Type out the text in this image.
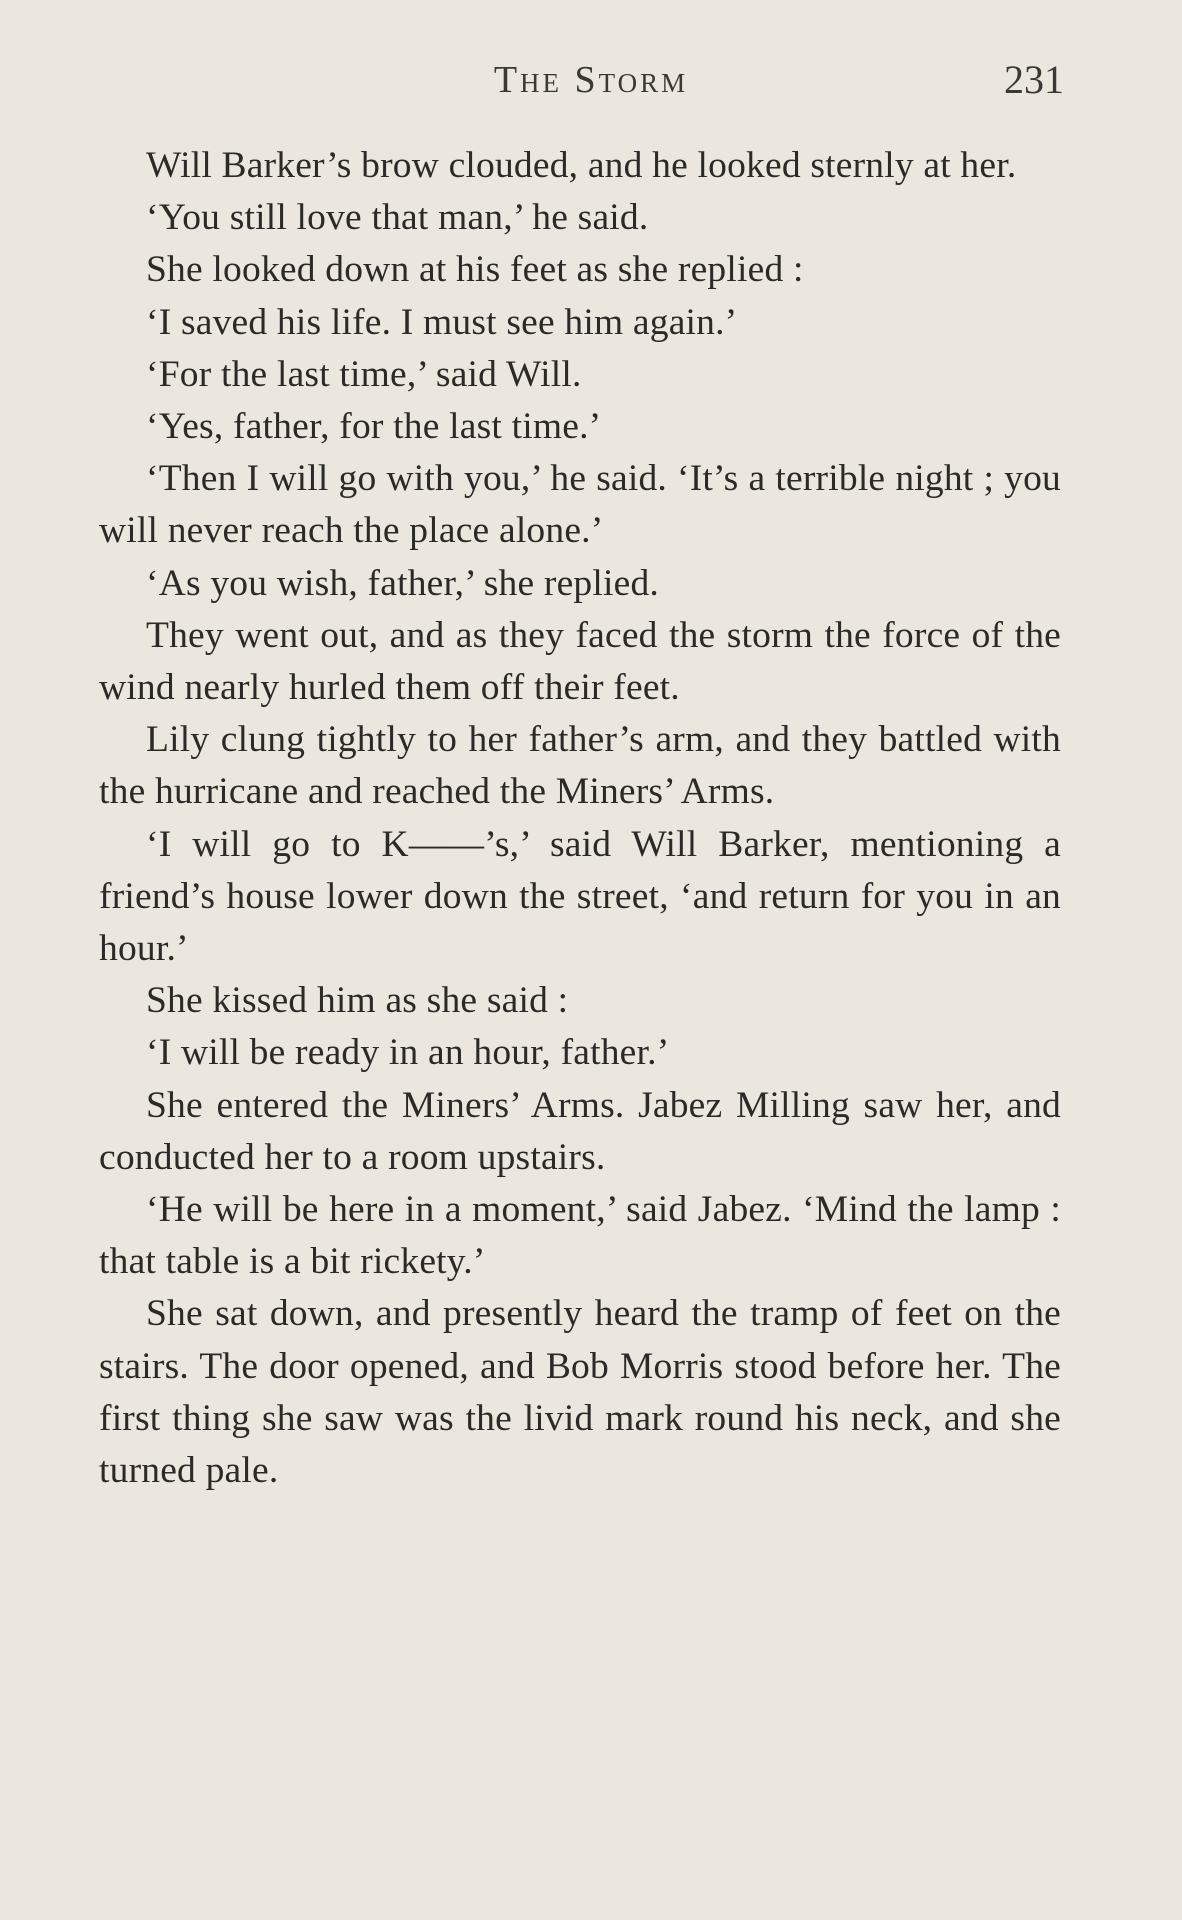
The Storm	231

Will Barker’s brow clouded, and he looked sternly at her.

‘You still love that man,’ he said.

She looked down at his feet as she replied :

‘I saved his life. I must see him again.’

‘For the last time,’ said Will.

‘Yes, father, for the last time.’

‘Then I will go with you,’ he said. ‘It’s a terrible night ; you will never reach the place alone.’

‘As you wish, father,’ she replied.

They went out, and as they faced the storm the force of the wind nearly hurled them off their feet.

Lily clung tightly to her father’s arm, and they battled with the hurricane and reached the Miners’ Arms.

‘I will go to K——’s,’ said Will Barker, mentioning a friend’s house lower down the street, ‘and return for you in an hour.’

She kissed him as she said :

‘I will be ready in an hour, father.’

She entered the Miners’ Arms. Jabez Milling saw her, and conducted her to a room upstairs.

‘He will be here in a moment,’ said Jabez. ‘Mind the lamp : that table is a bit rickety.’

She sat down, and presently heard the tramp of feet on the stairs. The door opened, and Bob Morris stood before her. The first thing she saw was the livid mark round his neck, and she turned pale.
